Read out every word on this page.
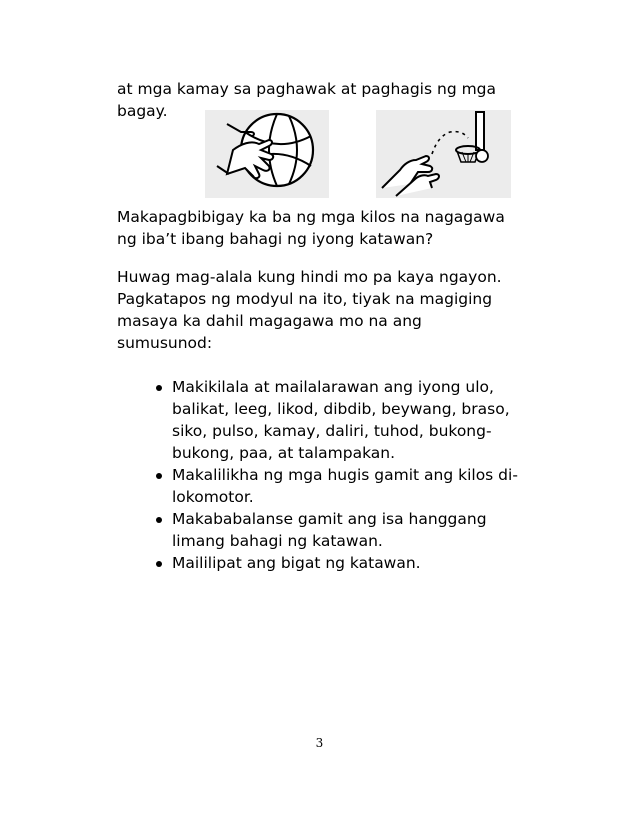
at mga kamay sa paghawak at paghagis ng mga
bagay.
Makapagbibigay ka ba ng mga kilos na nagagawa
ng iba’t ibang bahagi ng iyong katawan?
Huwag mag-alala kung hindi mo pa kaya ngayon.
Pagkatapos ng modyul na ito, tiyak na magiging
masaya ka dahil magagawa mo na ang
sumusunod:
Makikilala at mailalarawan ang iyong ulo,
balikat, leeg, likod, dibdib, beywang, braso,
siko, pulso, kamay, daliri, tuhod, bukong-
bukong, paa, at talampakan.
Makalilikha ng mga hugis gamit ang kilos di-
lokomotor.
Makababalanse gamit ang isa hanggang
limang bahagi ng katawan.
Maililipat ang bigat ng katawan.
3
